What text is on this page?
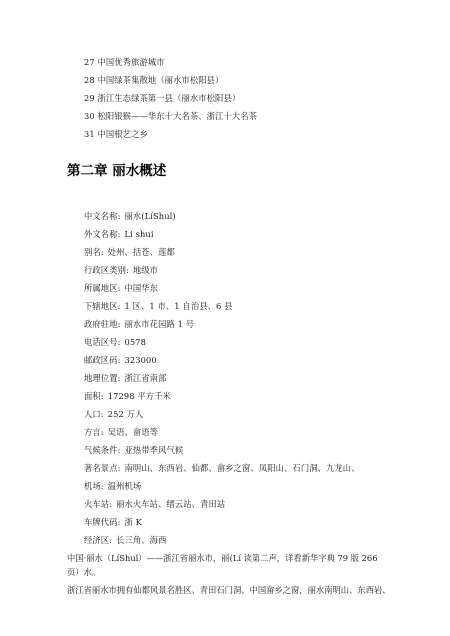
27 中国优秀旅游城市
28 中国绿茶集散地（丽水市松阳县）
29 浙江生态绿茶第一县（丽水市松阳县）
30 松阳银猴——华东十大名茶、浙江十大名茶
31 中国根艺之乡
第二章 丽水概述
中文名称: 丽水(LíShuǐ)
外文名称: Li shui
别名: 处州、括苍、莲都
行政区类别: 地级市
所属地区: 中国华东
下辖地区: 1 区、1 市、1 自治县、6 县
政府驻地: 丽水市花园路 1 号
电话区号: 0578
邮政区码: 323000
地理位置: 浙江省南部
面积: 17298 平方千米
人口: 252 万人
方言: 吴语、畲语等
气候条件: 亚热带季风气候
著名景点: 南明山、东西岩、仙都、畲乡之窗、凤阳山、石门洞、九龙山、
机场: 温州机场
火车站: 丽水火车站、缙云站、青田站
车牌代码: 浙 K
经济区: 长三角、海西
中国·丽水（LíShuǐ）——浙江省丽水市，丽(Lí 读第二声，详看新华字典 79 版 266 页）水。
浙江省丽水市拥有仙都风景名胜区、青田石门洞、中国畲乡之窗，丽水南明山、东西岩、
